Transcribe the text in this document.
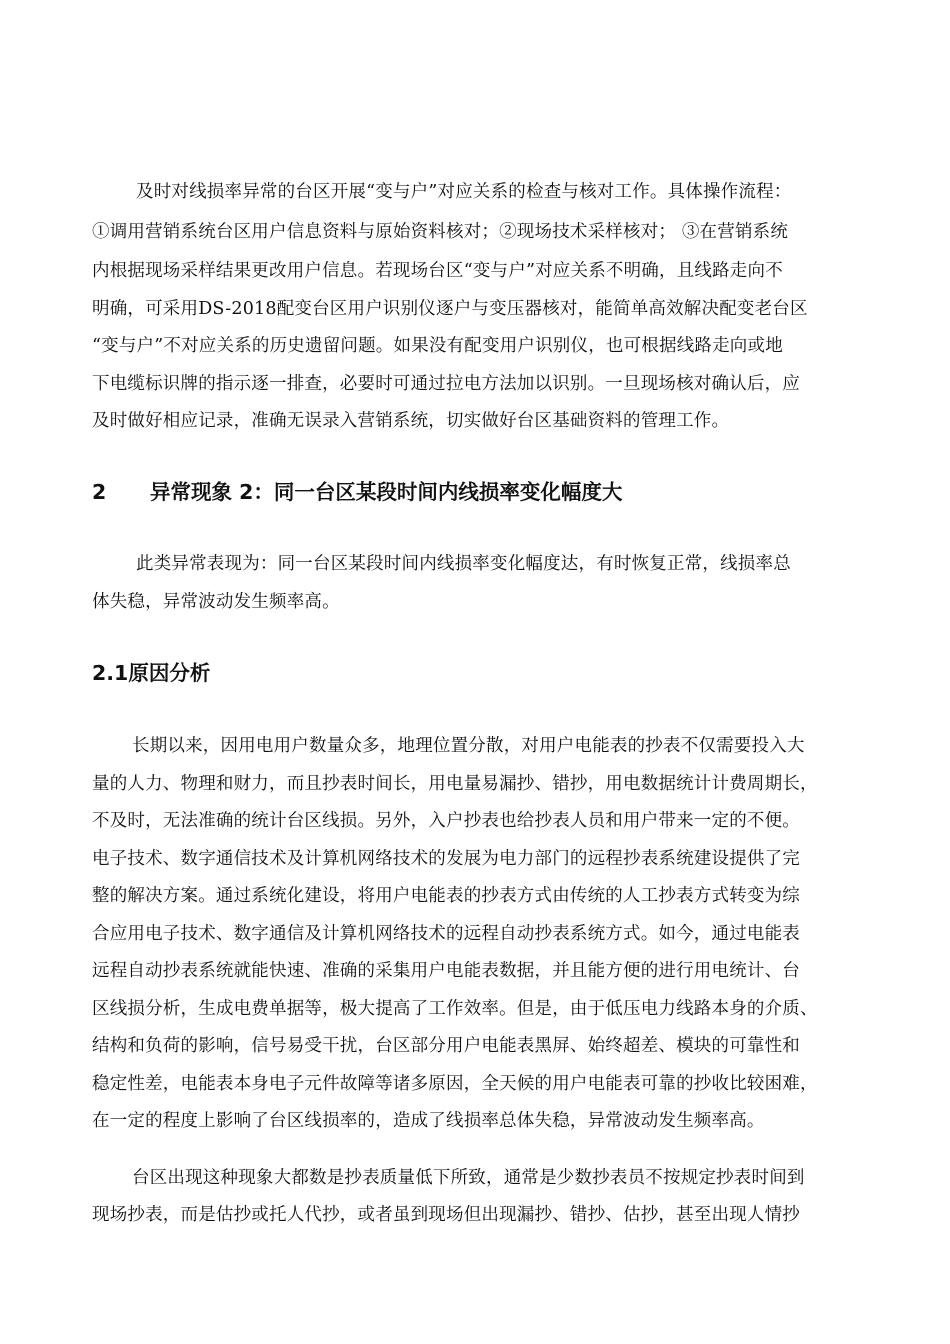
及时对线损率异常的台区开展“变与户”对应关系的检查与核对工作。具体操作流程：
①调用营销系统台区用户信息资料与原始资料核对；②现场技术采样核对； ③在营销系统
内根据现场采样结果更改用户信息。若现场台区“变与户”对应关系不明确，且线路走向不
明确，可采用DS-2018配变台区用户识别仪逐户与变压器核对，能简单高效解决配变老台区
“变与户”不对应关系的历史遗留问题。如果没有配变用户识别仪，也可根据线路走向或地
下电缆标识牌的指示逐一排查，必要时可通过拉电方法加以识别。一旦现场核对确认后，应
及时做好相应记录，准确无误录入营销系统，切实做好台区基础资料的管理工作。
2 异常现象 2：同一台区某段时间内线损率变化幅度大
此类异常表现为：同一台区某段时间内线损率变化幅度达，有时恢复正常，线损率总
体失稳，异常波动发生频率高。
2.1原因分析
长期以来，因用电用户数量众多，地理位置分散，对用户电能表的抄表不仅需要投入大
量的人力、物理和财力，而且抄表时间长，用电量易漏抄、错抄，用电数据统计计费周期长，
不及时，无法准确的统计台区线损。另外，入户抄表也给抄表人员和用户带来一定的不便。
电子技术、数字通信技术及计算机网络技术的发展为电力部门的远程抄表系统建设提供了完
整的解决方案。通过系统化建设，将用户电能表的抄表方式由传统的人工抄表方式转变为综
合应用电子技术、数字通信及计算机网络技术的远程自动抄表系统方式。如今，通过电能表
远程自动抄表系统就能快速、准确的采集用户电能表数据，并且能方便的进行用电统计、台
区线损分析，生成电费单据等，极大提高了工作效率。但是，由于低压电力线路本身的介质、
结构和负荷的影响，信号易受干扰，台区部分用户电能表黑屏、始终超差、模块的可靠性和
稳定性差，电能表本身电子元件故障等诸多原因，全天候的用户电能表可靠的抄收比较困难，
在一定的程度上影响了台区线损率的，造成了线损率总体失稳，异常波动发生频率高。
台区出现这种现象大都数是抄表质量低下所致，通常是少数抄表员不按规定抄表时间到
现场抄表，而是估抄或托人代抄，或者虽到现场但出现漏抄、错抄、估抄，甚至出现人情抄
